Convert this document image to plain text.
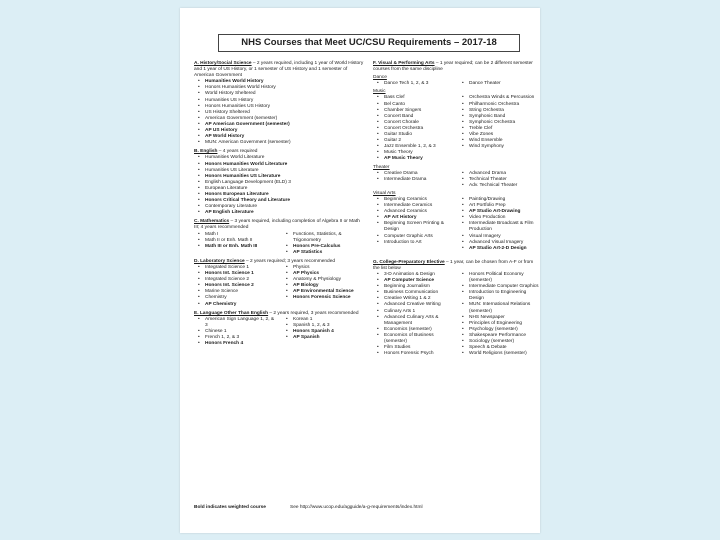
NHS Courses that Meet UC/CSU Requirements – 2017-18
A. History/Social Science – 2 years required, including 1 year of World History and 1 year of US History, or 1 semester of US History and 1 semester of American Government
• Humanities World History
• Honors Humanities World History
• World History Sheltered
• Humanities US History
• Honors Humanities US History
• US History Sheltered
• American Government (semester)
• AP American Government (semester)
• AP US History
• AP World History
• MUN: American Government (semester)
B. English – 4 years required
• Humanities World Literature
• Honors Humanities World Literature
• Humanities US Literature
• Honors Humanities US Literature
• English Language Development (ELD) 3
• European Literature
• Honors European Literature
• Honors Critical Theory and Literature
• Contemporary Literature
• AP English Literature
C. Mathematics – 3 years required, including completion of Algebra II or Math III; 4 years recommended
• Math I
• Math II or Enh. Math II
• Math III or Enh. Math III
• Functions, Statistics, & Trigonometry
• Honors Pre-Calculus
• AP Statistics
D. Laboratory Science – 2 years required; 3 years recommended
• Integrated Science 1
• Honors Int. Science 1
• Integrated Science 2
• Honors Int. Science 2
• Marine Science
• Chemistry
• AP Chemistry
• Physics
• AP Physics
• Anatomy & Physiology
• AP Biology
• AP Environmental Science
• Honors Forensic Science
E. Language Other Than English – 2 years required, 3 years recommended
• American Sign Language 1, 2, & 3
• Chinese 1
• French 1, 2, & 3
• Honors French 4
• Korean 1
• Spanish 1, 2, & 3
• Honors Spanish 4
• AP Spanish
F. Visual & Performing Arts – 1 year required; can be 2 different semester courses from the same discipline
Dance
• Dance Tech 1, 2, & 3	• Dance Theater
Music
• Bass Clef
• Bel Canto
• Chamber Singers
• Concert Band
• Concert Chorale
• Concert Orchestra
• Guitar Studio
• Guitar 2
• Jazz Ensemble 1, 2, & 3
• Music Theory
• AP Music Theory
• Orchestra Winds & Percussion
• Philharmonic Orchestra
• String Orchestra
• Symphonic Band
• Symphonic Orchestra
• Treble Clef
• Vibe Zones
• Wind Ensemble
• Wind Symphony
Theater
• Creative Drama
• Intermediate Drama
• Advanced Drama
• Technical Theater
• Adv. Technical Theater
Visual Arts
• Beginning Ceramics
• Intermediate Ceramics
• Advanced Ceramics
• AP Art History
• Beginning Screen Printing & Design
• Computer Graphic Arts
• Introduction to Art
• Painting/Drawing
• Art Portfolio Prep
• AP Studio Art-Drawing
• Video Production
• Intermediate Broadcast & Film Production
• Visual Imagery
• Advanced Visual Imagery
• AP Studio Art-2-D Design
G. College-Preparatory Elective – 1 year, can be chosen from A-F or from the list below
• 3-D Animation & Design
• AP Computer Science
• Beginning Journalism
• Business Communication
• Creative Writing 1 & 2
• Advanced Creative Writing
• Culinary Arts 1
• Advanced Culinary Arts & Management
• Economics (semester)
• Economics of Business (semester)
• Film Studies
• Honors Forensic Psych
• Honors Political Economy (semester)
• Intermediate Computer Graphics
• Introduction to Engineering Design
• MUN: International Relations (semester)
• NHS Newspaper
• Principles of Engineering
• Psychology (semester)
• Shakespeare Performance
• Sociology (semester)
• Speech & Debate
• World Religions (semester)
Bold indicates weighted course	See http://www.ucop.edu/agguide/a-g-requirements/index.html
